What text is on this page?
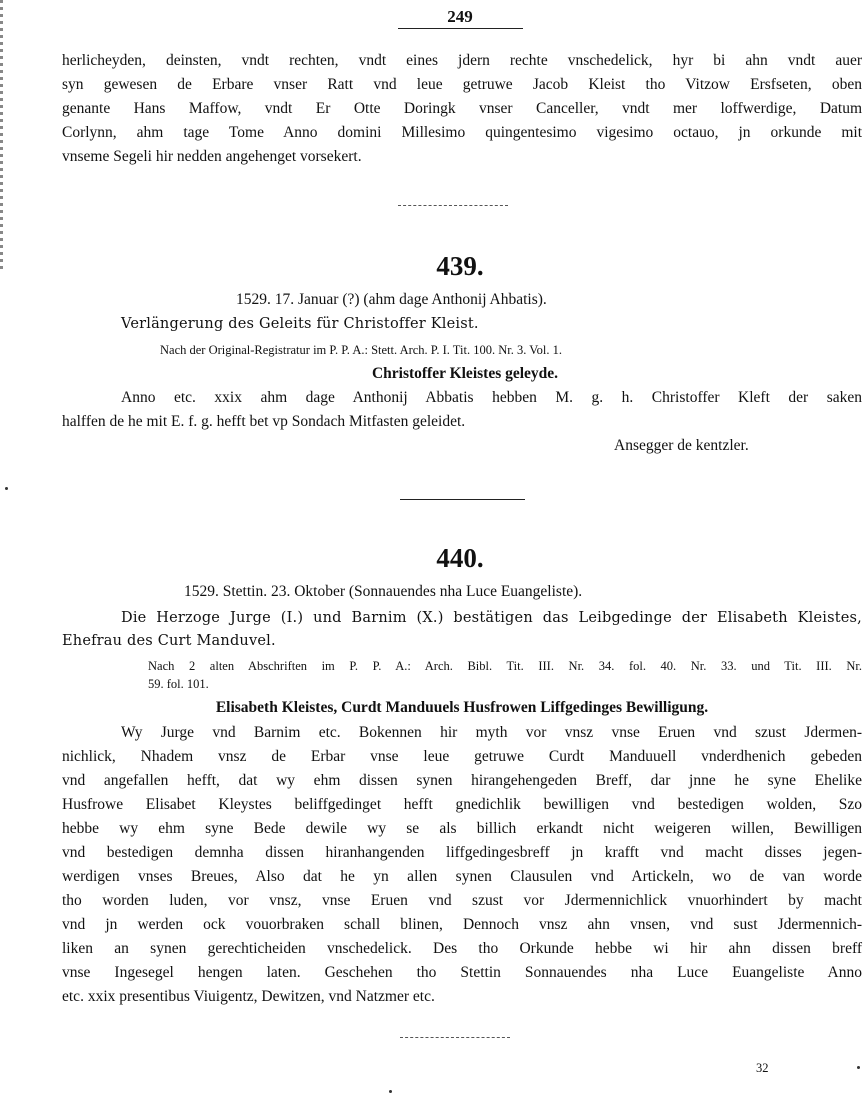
249
herlicheyden, deinsten, vndt rechten, vndt eines jdern rechte vnschedelick, hyr bi ahn vndt auer
syn gewesen de Erbare vnser Ratt vnd leue getruwe Jacob Kleist tho Vitzow Ersfseten, oben
genante Hans Maffow, vndt Er Otte Doringk vnser Canceller, vndt mer loffwerdige, Datum
Corlynn, ahm tage Tome Anno domini Millesimo quingentesimo vigesimo octauo, jn orkunde mit
vnseme Segeli hir nedden angehenget vorsekert.
439.
1529. 17. Januar (?) (ahm dage Anthonij Ahbatis).
Verlängerung des Geleits für Christoffer Kleist.
Nach der Original-Registratur im P. P. A.: Stett. Arch. P. I. Tit. 100. Nr. 3. Vol. 1.
Christoffer Kleistes geleyde.
Anno etc. xxix ahm dage Anthonij Abbatis hebben M. g. h. Christoffer Kleft der saken
halffen de he mit E. f. g. hefft bet vp Sondach Mitfasten geleidet.
Ansegger de kentzler.
440.
1529. Stettin. 23. Oktober (Sonnauendes nha Luce Euangeliste).
Die Herzoge Jurge (I.) und Barnim (X.) bestätigen das Leibgedinge der Elisabeth Kleistes,
Ehefrau des Curt Manduvel.
Nach 2 alten Abschriften im P. P. A.: Arch. Bibl. Tit. III. Nr. 34. fol. 40. Nr. 33. und Tit. III. Nr.
59. fol. 101.
Elisabeth Kleistes, Curdt Manduuels Husfrowen Liffgedinges Bewilligung.
Wy Jurge vnd Barnim etc. Bokennen hir myth vor vnsz vnse Eruen vnd szust Jdermen-
nichlick, Nhadem vnsz de Erbar vnse leue getruwe Curdt Manduuell vnderdhenich gebeden
vnd angefallen hefft, dat wy ehm dissen synen hirangehengeden Breff, dar jnne he syne Ehelike
Husfrowe Elisabet Kleystes beliffgedinget hefft gnedichlik bewilligen vnd bestedigen wolden, Szo
hebbe wy ehm syne Bede dewile wy se als billich erkandt nicht weigeren willen, Bewilligen
vnd bestedigen demnha dissen hiranhangenden liffgedingesbreff jn krafft vnd macht disses jegen-
werdigen vnses Breues, Also dat he yn allen synen Clausulen vnd Artickeln, wo de van worde
tho worden luden, vor vnsz, vnse Eruen vnd szust vor Jdermennichlick vnuorhindert by macht
vnd jn werden ock vouorbraken schall blinen, Dennoch vnsz ahn vnsen, vnd sust Jdermennich-
liken an synen gerechticheiden vnschedelick. Des tho Orkunde hebbe wi hir ahn dissen breff
vnse Ingesegel hengen laten. Geschehen tho Stettin Sonnauendes nha Luce Euangeliste Anno
etc. xxix presentibus Viuigentz, Dewitzen, vnd Natzmer etc.
32
